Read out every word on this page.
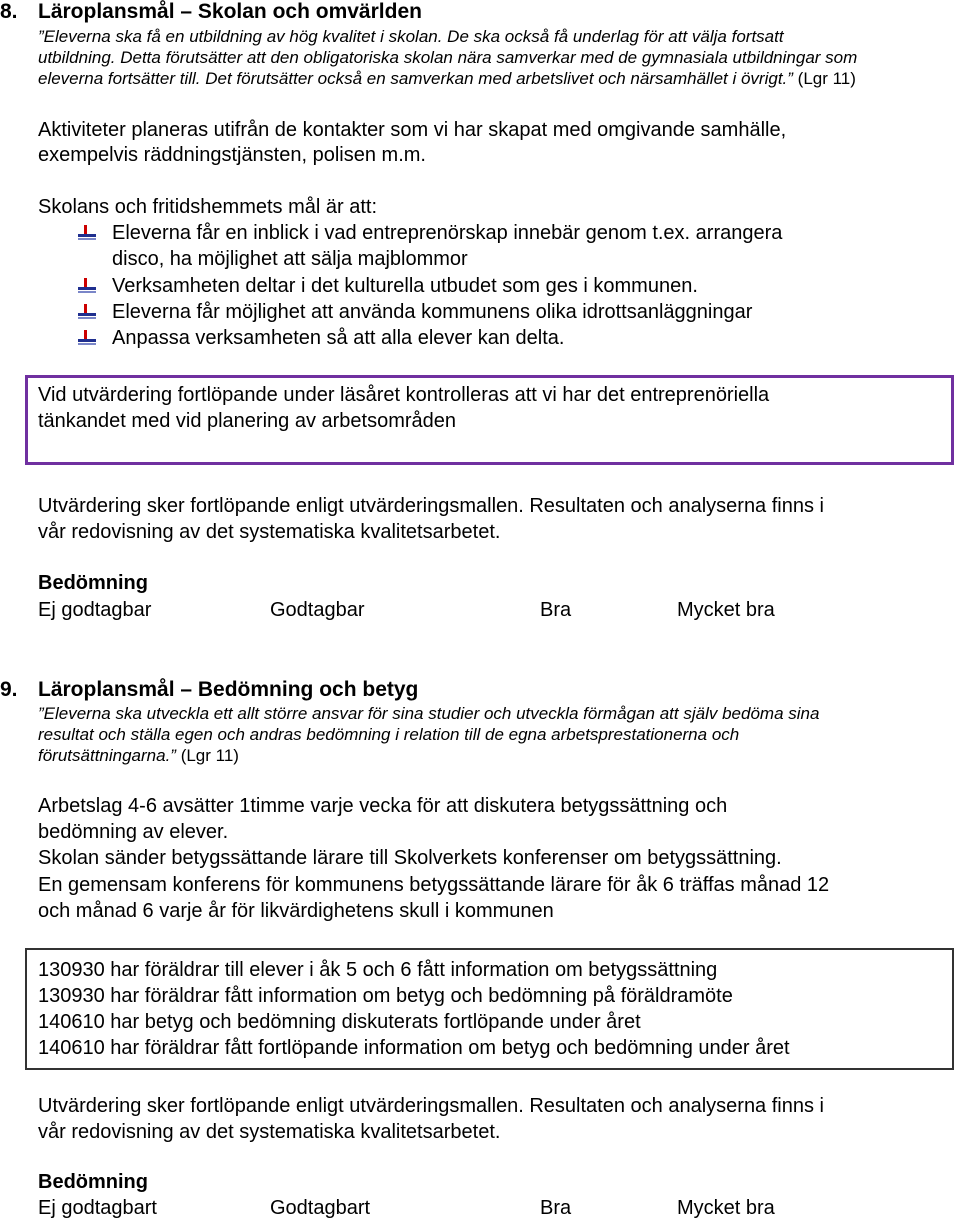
8. Läroplansmål – Skolan och omvärlden
”Eleverna ska få en utbildning av hög kvalitet i skolan. De ska också få underlag för att välja fortsatt
utbildning. Detta förutsätter att den obligatoriska skolan nära samverkar med de gymnasiala utbildningar som
eleverna fortsätter till. Det förutsätter också en samverkan med arbetslivet och närsamhället i övrigt.” (Lgr 11)
Aktiviteter planeras utifrån de kontakter som vi har skapat med omgivande samhälle,
exempelvis räddningstjänsten, polisen m.m.
Skolans och fritidshemmets mål är att:
Eleverna får en inblick i vad entreprenörskap innebär genom t.ex. arrangera
disco, ha möjlighet att sälja majblommor
Verksamheten deltar i det kulturella utbudet som ges i kommunen.
Eleverna får möjlighet att använda kommunens olika idrottsanläggningar
Anpassa verksamheten så att alla elever kan delta.
Vid utvärdering fortlöpande under läsåret kontrolleras att vi har det entreprenöriella
tänkandet med vid planering av arbetsområden
Utvärdering sker fortlöpande enligt utvärderingsmallen. Resultaten och analyserna finns i
vår redovisning av det systematiska kvalitetsarbetet.
Bedömning
Ej godtagbar	Godtagbar	Bra	Mycket bra
9. Läroplansmål – Bedömning och betyg
”Eleverna ska utveckla ett allt större ansvar för sina studier och utveckla förmågan att själv bedöma sina
resultat och ställa egen och andras bedömning i relation till de egna arbetsprestationerna och
förutsättningarna.” (Lgr 11)
Arbetslag 4-6 avsätter 1timme varje vecka för att diskutera betygssättning och
bedömning av elever.
Skolan sänder betygssättande lärare till Skolverkets konferenser om betygssättning.
En gemensam konferens för kommunens betygssättande lärare för åk 6 träffas månad 12
och månad 6 varje år för likvärdighetens skull i kommunen
130930 har föräldrar till elever i åk 5 och 6 fått information om betygssättning
130930 har föräldrar fått information om betyg och bedömning på föräldramöte
140610 har betyg och bedömning diskuterats fortlöpande under året
140610 har föräldrar fått fortlöpande information om betyg och bedömning under året
Utvärdering sker fortlöpande enligt utvärderingsmallen. Resultaten och analyserna finns i
vår redovisning av det systematiska kvalitetsarbetet.
Bedömning
Ej godtagbart	Godtagbart	Bra	Mycket bra
